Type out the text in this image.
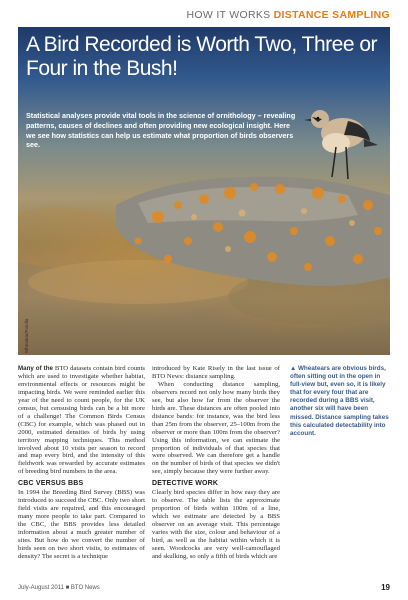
HOW IT WORKS DISTANCE SAMPLING
A Bird Recorded is Worth Two, Three or Four in the Bush!
Statistical analyses provide vital tools in the science of ornithology – revealing patterns, causes of declines and often providing new ecological insight. Here we see how statistics can help us estimate what proportion of birds observers see.
Wheatear/Fotolia

Many of the BTO datasets contain bird counts which are used to investigate whether habitat, environmental effects or resources might be impacting birds. We were reminded earlier this year of the need to count people, for the UK census, but censusing birds can be a bit more of a challenge! The Common Birds Census (CBC) for example, which was phased out in 2000, estimated densities of birds by using territory mapping techniques. This method involved about 10 visits per season to record and map every bird, and the intensity of this fieldwork was rewarded by accurate estimates of breeding bird numbers in the area.

CBC VERSUS BBS

In 1994 the Breeding Bird Survey (BBS) was introduced to succeed the CBC. Only two short field visits are required, and this encouraged many more people to take part. Compared to the CBC, the BBS provides less detailed information about a much greater number of sites. But how do we convert the number of birds seen on two short visits, to estimates of density? The secret is a technique

introduced by Kate Risely in the last issue of BTO News: distance sampling.

When conducting distance sampling, observers record not only how many birds they see, but also how far from the observer the birds are. These distances are often pooled into distance bands: for instance, was the bird less than 25m from the observer, 25–100m from the observer or more than 100m from the observer? Using this information, we can estimate the proportion of individuals of that species that were observed. We can therefore get a handle on the number of birds of that species we didn't see, simply because they were further away.

DETECTIVE WORK

Clearly bird species differ in how easy they are to observe. The table lists the approximate proportion of birds within 100m of a line, which we estimate are detected by a BBS observer on an average visit. This percentage varies with the size, colour and behaviour of a bird, as well as the habitat within which it is seen. Woodcocks are very well-camouflaged and skulking, so only a fifth of birds which are

▲ Wheatears are obvious birds, often sitting out in the open in full-view but, even so, it is likely that for every four that are recorded during a BBS visit, another six will have been missed. Distance sampling takes this calculated detectability into account.

July-August 2011 ■ BTO News	19
